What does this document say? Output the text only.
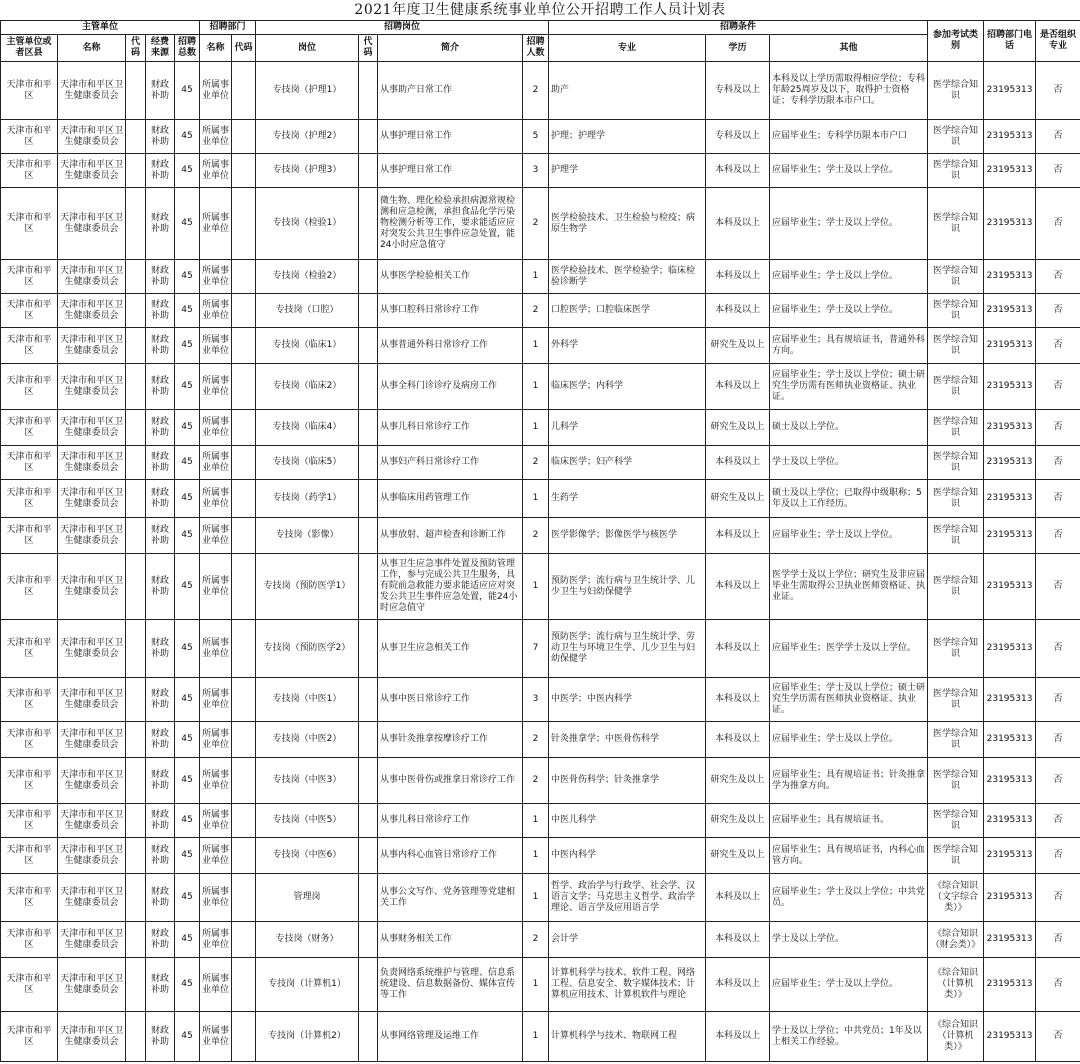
2021年度卫生健康系统事业单位公开招聘工作人员计划表
主管单位					招聘部门		招聘岗位				招聘条件			参加考试类别	招聘部门电话	是否组织专业
主管单位或者区县	名称	代码	经费来源	招聘总数	名称	代码	岗位	代码	简介	招聘人数	专业	学历	其他			
天津市和平区	天津市和平区卫生健康委员会		财政补助	45	所属事业单位		专技岗（护理1）		从事助产日常工作	2	助产	专科及以上	本科及以上学历需取得相应学位；专科年龄25周岁及以下，取得护士资格证；专科学历限本市户口。	医学综合知识	23195313	否
天津市和平区	天津市和平区卫生健康委员会		财政补助	45	所属事业单位		专技岗（护理2）		从事护理日常工作	5	护理；护理学	专科及以上	应届毕业生；专科学历限本市户口	医学综合知识	23195313	否
天津市和平区	天津市和平区卫生健康委员会		财政补助	45	所属事业单位		专技岗（护理3）		从事护理日常工作	3	护理学	本科及以上	应届毕业生；学士及以上学位。	医学综合知识	23195313	否
天津市和平区	天津市和平区卫生健康委员会		财政补助	45	所属事业单位		专技岗（检验1）		微生物、理化检验承担病源常规检测和应急检测，承担食品化学污染物检测分析等工作，要求能适应应对突发公共卫生事件应急处置，能24小时应急值守	2	医学检验技术、卫生检验与检疫；病原生物学	本科及以上	应届毕业生；学士及以上学位。	医学综合知识	23195313	否
天津市和平区	天津市和平区卫生健康委员会		财政补助	45	所属事业单位		专技岗（检验2）		从事医学检验相关工作	1	医学检验技术、医学检验学；临床检验诊断学	本科及以上	应届毕业生；学士及以上学位。	医学综合知识	23195313	否
天津市和平区	天津市和平区卫生健康委员会		财政补助	45	所属事业单位		专技岗（口腔）		从事口腔科日常诊疗工作	2	口腔医学；口腔临床医学	本科及以上	应届毕业生；学士及以上学位。	医学综合知识	23195313	否
天津市和平区	天津市和平区卫生健康委员会		财政补助	45	所属事业单位		专技岗（临床1）		从事普通外科日常诊疗工作	1	外科学	研究生及以上	应届毕业生；具有规培证书，普通外科方向。	医学综合知识	23195313	否
天津市和平区	天津市和平区卫生健康委员会		财政补助	45	所属事业单位		专技岗（临床2）		从事全科门诊诊疗及病房工作	1	临床医学；内科学	本科及以上	应届毕业生；学士及以上学位；硕士研究生学历需有医师执业资格证、执业证。	医学综合知识	23195313	否
天津市和平区	天津市和平区卫生健康委员会		财政补助	45	所属事业单位		专技岗（临床4）		从事儿科日常诊疗工作	1	儿科学	研究生及以上	硕士及以上学位。	医学综合知识	23195313	否
天津市和平区	天津市和平区卫生健康委员会		财政补助	45	所属事业单位		专技岗（临床5）		从事妇产科日常诊疗工作	2	临床医学；妇产科学	本科及以上	学士及以上学位。	医学综合知识	23195313	否
天津市和平区	天津市和平区卫生健康委员会		财政补助	45	所属事业单位		专技岗（药学1）		从事临床用药管理工作	1	生药学	研究生及以上	硕士及以上学位；已取得中级职称；5年及以上工作经历。	医学综合知识	23195313	否
天津市和平区	天津市和平区卫生健康委员会		财政补助	45	所属事业单位		专技岗（影像）		从事放射、超声检查和诊断工作	2	医学影像学；影像医学与核医学	本科及以上	应届毕业生；学士及以上学位。	医学综合知识	23195313	否
天津市和平区	天津市和平区卫生健康委员会		财政补助	45	所属事业单位		专技岗（预防医学1）		从事卫生应急事件处置及预防管理工作，参与完成公共卫生服务，具有院前急救能力要求能适应应对突发公共卫生事件应急处置，能24小时应急值守	1	预防医学；流行病与卫生统计学、儿少卫生与妇幼保健学	本科及以上	医学学士及以上学位；研究生及非应届毕业生需取得公卫执业医师资格证、执业证。	医学综合知识	23195313	否
天津市和平区	天津市和平区卫生健康委员会		财政补助	45	所属事业单位		专技岗（预防医学2）		从事卫生应急相关工作	7	预防医学；流行病与卫生统计学、劳动卫生与环境卫生学、儿少卫生与妇幼保健学	本科及以上	应届毕业生；医学学士及以上学位。	医学综合知识	23195313	否
天津市和平区	天津市和平区卫生健康委员会		财政补助	45	所属事业单位		专技岗（中医1）		从事中医日常诊疗工作	3	中医学；中医内科学	本科及以上	应届毕业生；学士及以上学位；硕士研究生学历需有医师执业资格证、执业证。	医学综合知识	23195313	否
天津市和平区	天津市和平区卫生健康委员会		财政补助	45	所属事业单位		专技岗（中医2）		从事针灸推拿按摩诊疗工作	2	针灸推拿学；中医骨伤科学	本科及以上	应届毕业生；学士及以上学位。	医学综合知识	23195313	否
天津市和平区	天津市和平区卫生健康委员会		财政补助	45	所属事业单位		专技岗（中医3）		从事中医骨伤或推拿日常诊疗工作	2	中医骨伤科学；针灸推拿学	研究生及以上	应届毕业生；具有规培证书；针灸推拿学为推拿方向。	医学综合知识	23195313	否
天津市和平区	天津市和平区卫生健康委员会		财政补助	45	所属事业单位		专技岗（中医5）		从事儿科日常诊疗工作	1	中医儿科学	研究生及以上	应届毕业生；具有规培证书。	医学综合知识	23195313	否
天津市和平区	天津市和平区卫生健康委员会		财政补助	45	所属事业单位		专技岗（中医6）		从事内科心血管日常诊疗工作	1	中医内科学	研究生及以上	应届毕业生；具有规培证书，内科心血管方向。	医学综合知识	23195313	否
天津市和平区	天津市和平区卫生健康委员会		财政补助	45	所属事业单位		管理岗		从事公文写作、党务管理等党建相关工作	1	哲学、政治学与行政学、社会学、汉语言文学；马克思主义哲学、政治学理论、语言学及应用语言学	本科及以上	应届毕业生；学士及以上学位；中共党员。	《综合知识（文字综合类）》	23195313	否
天津市和平区	天津市和平区卫生健康委员会		财政补助	45	所属事业单位		专技岗（财务）		从事财务相关工作	2	会计学	本科及以上	学士及以上学位。	《综合知识（财会类）》	23195313	否
天津市和平区	天津市和平区卫生健康委员会		财政补助	45	所属事业单位		专技岗（计算机1）		负责网络系统维护与管理、信息系统建设、信息数据备份、媒体宣传等工作	1	计算机科学与技术、软件工程、网络工程、信息安全、数字媒体技术；计算机应用技术、计算机软件与理论	本科及以上	应届毕业生；学士及以上学位。	《综合知识（计算机类）》	23195313	否
天津市和平区	天津市和平区卫生健康委员会		财政补助	45	所属事业单位		专技岗（计算机2）		从事网络管理及运维工作	1	计算机科学与技术、物联网工程	本科及以上	学士及以上学位；中共党员；1年及以上相关工作经验。	《综合知识（计算机类）》	23195313	否
